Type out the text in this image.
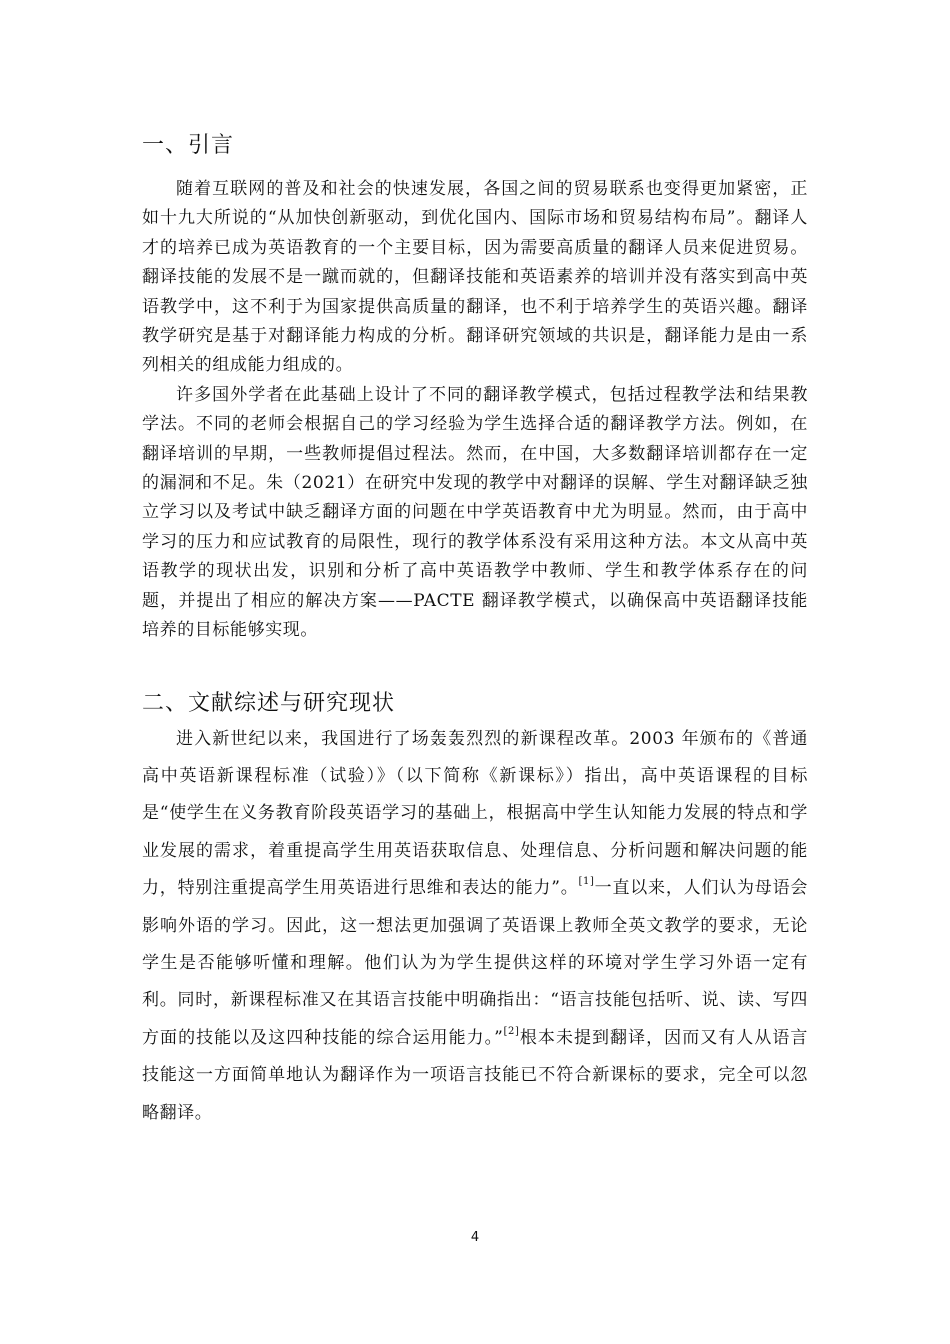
一、引言

随着互联网的普及和社会的快速发展，各国之间的贸易联系也变得更加紧密，正如十九大所说的“从加快创新驱动，到优化国内、国际市场和贸易结构布局”。翻译人才的培养已成为英语教育的一个主要目标，因为需要高质量的翻译人员来促进贸易。翻译技能的发展不是一蹴而就的，但翻译技能和英语素养的培训并没有落实到高中英语教学中，这不利于为国家提供高质量的翻译，也不利于培养学生的英语兴趣。翻译教学研究是基于对翻译能力构成的分析。翻译研究领域的共识是，翻译能力是由一系列相关的组成能力组成的。

许多国外学者在此基础上设计了不同的翻译教学模式，包括过程教学法和结果教学法。不同的老师会根据自己的学习经验为学生选择合适的翻译教学方法。例如，在翻译培训的早期，一些教师提倡过程法。然而，在中国，大多数翻译培训都存在一定的漏洞和不足。朱（2021）在研究中发现的教学中对翻译的误解、学生对翻译缺乏独立学习以及考试中缺乏翻译方面的问题在中学英语教育中尤为明显。然而，由于高中学习的压力和应试教育的局限性，现行的教学体系没有采用这种方法。本文从高中英语教学的现状出发，识别和分析了高中英语教学中教师、学生和教学体系存在的问题，并提出了相应的解决方案——PACTE 翻译教学模式，以确保高中英语翻译技能培养的目标能够实现。

二、文献综述与研究现状

进入新世纪以来，我国进行了场轰轰烈烈的新课程改革。2003 年颁布的《普通高中英语新课程标准（试验）》（以下简称《新课标》）指出，高中英语课程的目标是“使学生在义务教育阶段英语学习的基础上，根据高中学生认知能力发展的特点和学业发展的需求，着重提高学生用英语获取信息、处理信息、分析问题和解决问题的能力，特别注重提高学生用英语进行思维和表达的能力”。[1]一直以来，人们认为母语会影响外语的学习。因此，这一想法更加强调了英语课上教师全英文教学的要求，无论学生是否能够听懂和理解。他们认为为学生提供这样的环境对学生学习外语一定有利。同时，新课程标准又在其语言技能中明确指出：“语言技能包括听、说、读、写四方面的技能以及这四种技能的综合运用能力。”[2]根本未提到翻译，因而又有人从语言技能这一方面简单地认为翻译作为一项语言技能已不符合新课标的要求，完全可以忽略翻译。

4
